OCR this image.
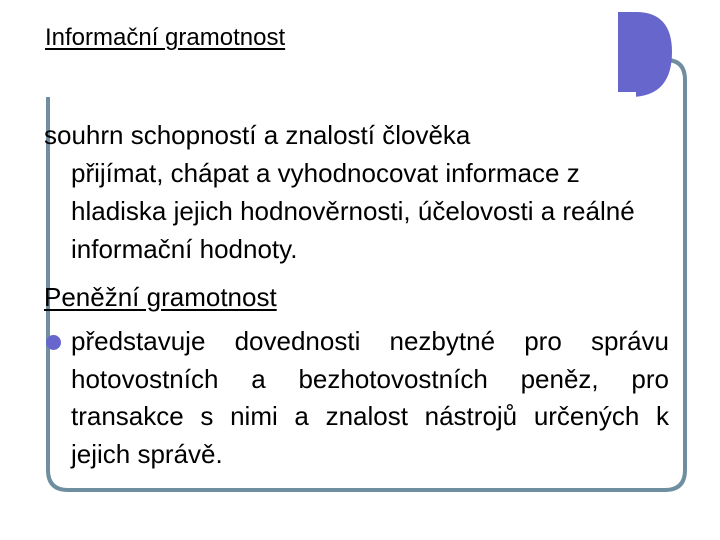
Informační gramotnost
souhrn schopností a znalostí člověka
přijímat, chápat a vyhodnocovat informace z hladiska jejich hodnověrnosti, účelovosti a reálné informační hodnoty.
Peněžní gramotnost
představuje dovednosti nezbytné pro správu hotovostních a bezhotovostních peněz, pro transakce s nimi a znalost nástrojů určených k jejich správě.
